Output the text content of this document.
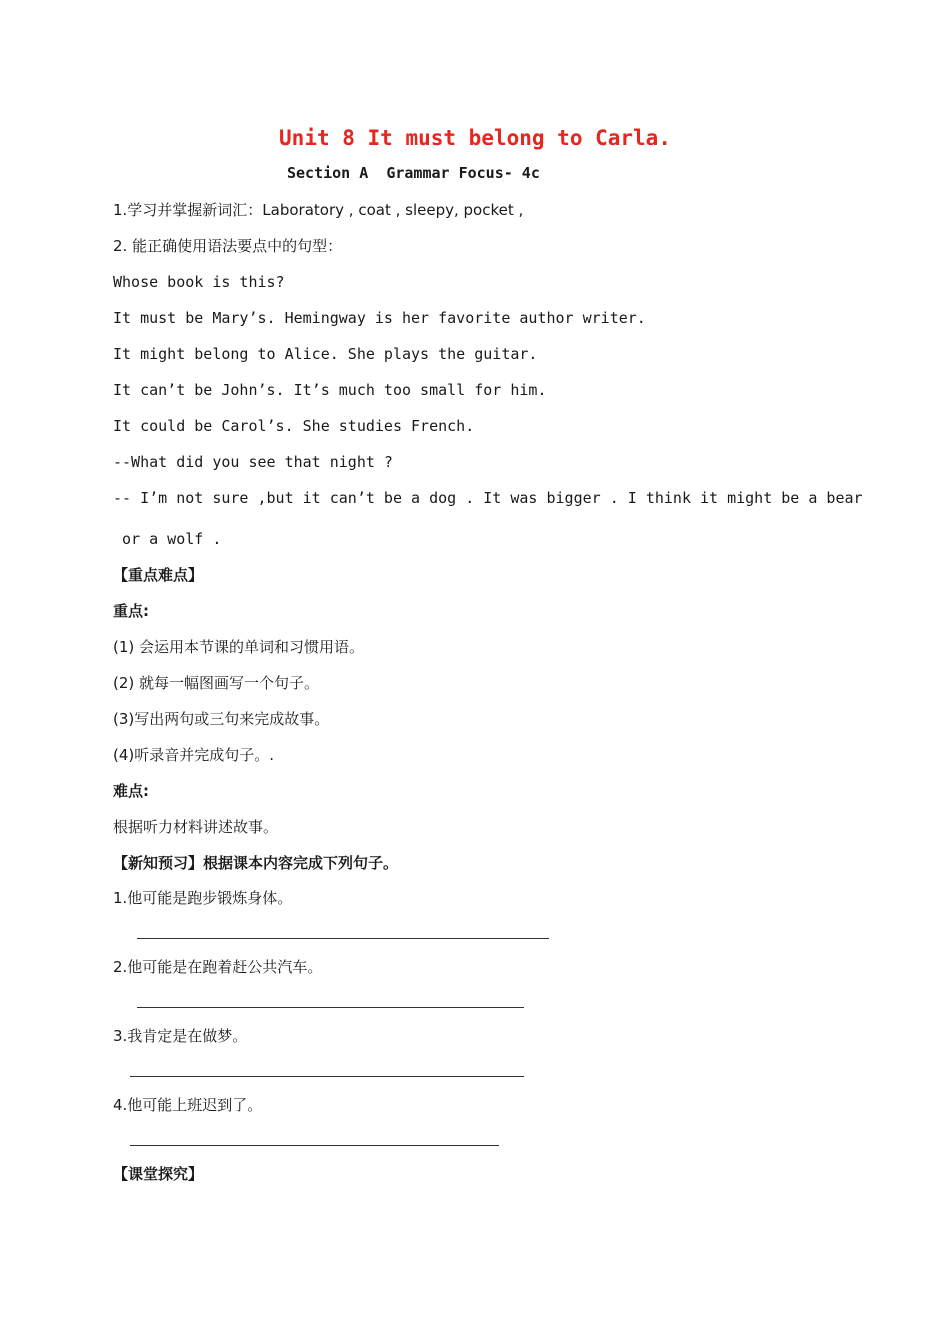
Unit 8 It must belong to Carla.
Section A  Grammar Focus- 4c
1.学习并掌握新词汇：Laboratory , coat , sleepy, pocket ,
2. 能正确使用语法要点中的句型：
Whose book is this?
It must be Mary’s. Hemingway is her favorite author writer.
It might belong to Alice. She plays the guitar.
It can’t be John’s. It’s much too small for him.
It could be Carol’s. She studies French.
--What did you see that night ?
-- I’m not sure ,but it can’t be a dog . It was bigger . I think it might be a bear
or a wolf .
【重点难点】
重点:
(1) 会运用本节课的单词和习惯用语。
(2) 就每一幅图画写一个句子。
(3)写出两句或三句来完成故事。
(4)听录音并完成句子。.
难点:
根据听力材料讲述故事。
【新知预习】根据课本内容完成下列句子。
1.他可能是跑步锻炼身体。
2.他可能是在跑着赶公共汽车。
3.我肯定是在做梦。
4.他可能上班迟到了。
【课堂探究】
